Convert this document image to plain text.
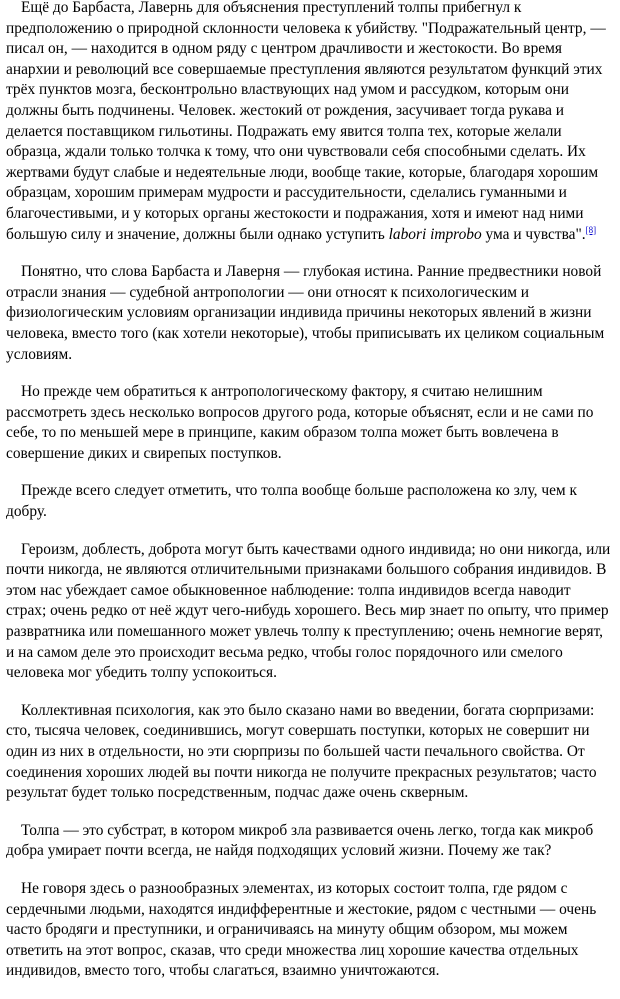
Ещё до Барбаста, Лавернь для объяснения преступлений толпы прибегнул к предположению о природной склонности человека к убийству. "Подражательный центр, — писал он, — находится в одном ряду с центром драчливости и жестокости. Во время анархии и революций все совершаемые преступления являются результатом функций этих трёх пунктов мозга, бесконтрольно властвующих над умом и рассудком, которым они должны быть подчинены. Человек. жестокий от рождения, засучивает тогда рукава и делается поставщиком гильотины. Подражать ему явится толпа тех, которые желали образца, ждали только толчка к тому, что они чувствовали себя способными сделать. Их жертвами будут слабые и недеятельные люди, вообще такие, которые, благодаря хорошим образцам, хорошим примерам мудрости и рассудительности, сделались гуманными и благочестивыми, и у которых органы жестокости и подражания, хотя и имеют над ними большую силу и значение, должны были однако уступить labori improbo ума и чувства".[8]

Понятно, что слова Барбаста и Лаверня — глубокая истина. Ранние предвестники новой отрасли знания — судебной антропологии — они относят к психологическим и физиологическим условиям организации индивида причины некоторых явлений в жизни человека, вместо того (как хотели некоторые), чтобы приписывать их целиком социальным условиям.

Но прежде чем обратиться к антропологическому фактору, я считаю нелишним рассмотреть здесь несколько вопросов другого рода, которые объяснят, если и не сами по себе, то по меньшей мере в принципе, каким образом толпа может быть вовлечена в совершение диких и свирепых поступков.

Прежде всего следует отметить, что толпа вообще больше расположена ко злу, чем к добру.

Героизм, доблесть, доброта могут быть качествами одного индивида; но они никогда, или почти никогда, не являются отличительными признаками большого собрания индивидов. В этом нас убеждает самое обыкновенное наблюдение: толпа индивидов всегда наводит страх; очень редко от неё ждут чего-нибудь хорошего. Весь мир знает по опыту, что пример развратника или помешанного может увлечь толпу к преступлению; очень немногие верят, и на самом деле это происходит весьма редко, чтобы голос порядочного или смелого человека мог убедить толпу успокоиться.

Коллективная психология, как это было сказано нами во введении, богата сюрпризами: сто, тысяча человек, соединившись, могут совершать поступки, которых не совершит ни один из них в отдельности, но эти сюрпризы по большей части печального свойства. От соединения хороших людей вы почти никогда не получите прекрасных результатов; часто результат будет только посредственным, подчас даже очень скверным.

Толпа — это субстрат, в котором микроб зла развивается очень легко, тогда как микроб добра умирает почти всегда, не найдя подходящих условий жизни. Почему же так?

Не говоря здесь о разнообразных элементах, из которых состоит толпа, где рядом с сердечными людьми, находятся индифферентные и жестокие, рядом с честными — очень часто бродяги и преступники, и ограничиваясь на минуту общим обзором, мы можем ответить на этот вопрос, сказав, что среди множества лиц хорошие качества отдельных индивидов, вместо того, чтобы слагаться, взаимно уничтожаются.
